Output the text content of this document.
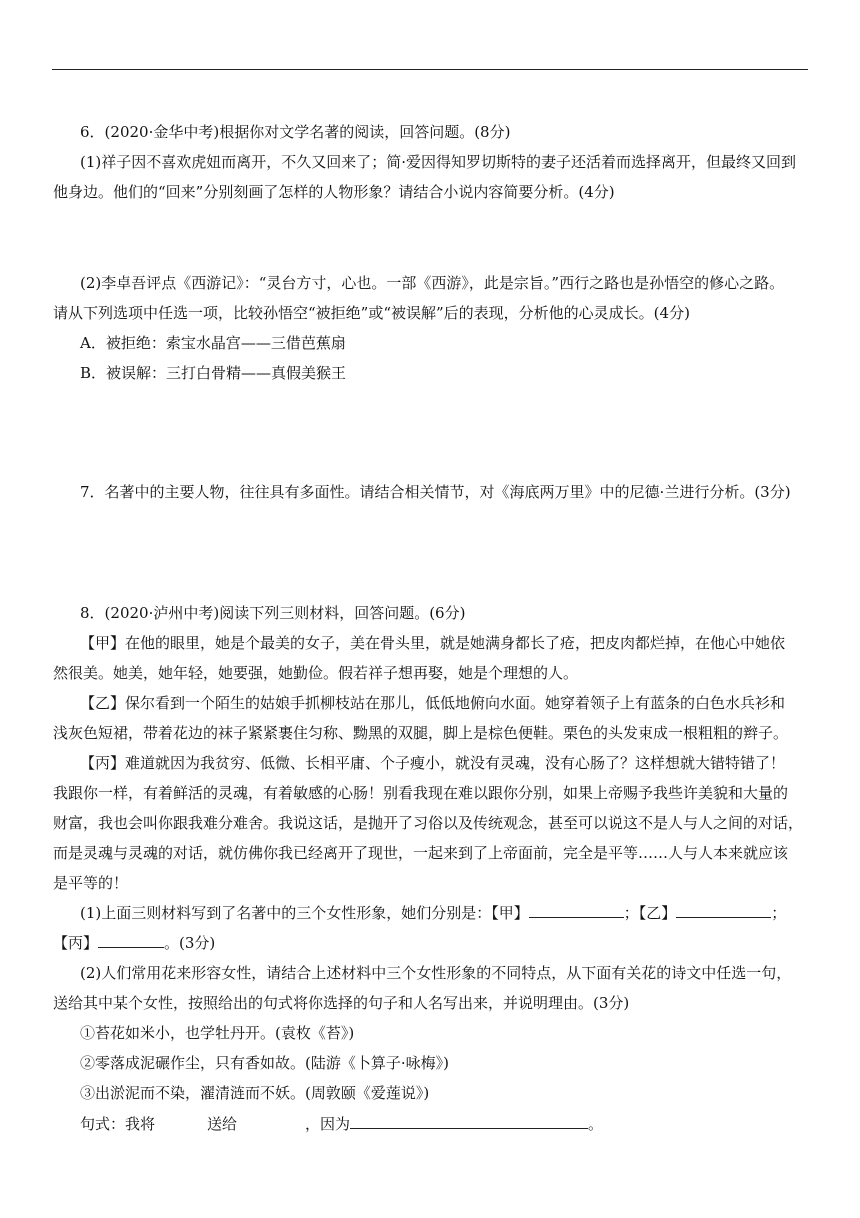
6．(2020·金华中考)根据你对文学名著的阅读，回答问题。(8分)
(1)祥子因不喜欢虎妞而离开，不久又回来了；简·爱因得知罗切斯特的妻子还活着而选择离开，但最终又回到
他身边。他们的“回来”分别刻画了怎样的人物形象？请结合小说内容简要分析。(4分)
(2)李卓吾评点《西游记》：“灵台方寸，心也。一部《西游》，此是宗旨。”西行之路也是孙悟空的修心之路。
请从下列选项中任选一项，比较孙悟空“被拒绝”或“被误解”后的表现，分析他的心灵成长。(4分)
A．被拒绝：索宝水晶宫——三借芭蕉扇
B．被误解：三打白骨精——真假美猴王
7．名著中的主要人物，往往具有多面性。请结合相关情节，对《海底两万里》中的尼德·兰进行分析。(3分)
8．(2020·泸州中考)阅读下列三则材料，回答问题。(6分)
【甲】在他的眼里，她是个最美的女子，美在骨头里，就是她满身都长了疮，把皮肉都烂掉，在他心中她依
然很美。她美，她年轻，她要强，她勤俭。假若祥子想再娶，她是个理想的人。
【乙】保尔看到一个陌生的姑娘手抓柳枝站在那儿，低低地俯向水面。她穿着领子上有蓝条的白色水兵衫和
浅灰色短裙，带着花边的袜子紧紧裹住匀称、黝黑的双腿，脚上是棕色便鞋。栗色的头发束成一根粗粗的辫子。
【丙】难道就因为我贫穷、低微、长相平庸、个子瘦小，就没有灵魂，没有心肠了？这样想就大错特错了！
我跟你一样，有着鲜活的灵魂，有着敏感的心肠！别看我现在难以跟你分别，如果上帝赐予我些许美貌和大量的
财富，我也会叫你跟我难分难舍。我说这话，是抛开了习俗以及传统观念，甚至可以说这不是人与人之间的对话，
而是灵魂与灵魂的对话，就仿佛你我已经离开了现世，一起来到了上帝面前，完全是平等……人与人本来就应该
是平等的！
(1)上面三则材料写到了名著中的三个女性形象，她们分别是：【甲】	；【乙】	；
【丙】	。(3分)
(2)人们常用花来形容女性，请结合上述材料中三个女性形象的不同特点，从下面有关花的诗文中任选一句，
送给其中某个女性，按照给出的句式将你选择的句子和人名写出来，并说明理由。(3分)
①苔花如米小，也学牡丹开。(袁枚《苔》)
②零落成泥碾作尘，只有香如故。(陆游《卜算子·咏梅》)
③出淤泥而不染，濯清涟而不妖。(周敦颐《爱莲说》)
句式：我将	送给	，因为	。
